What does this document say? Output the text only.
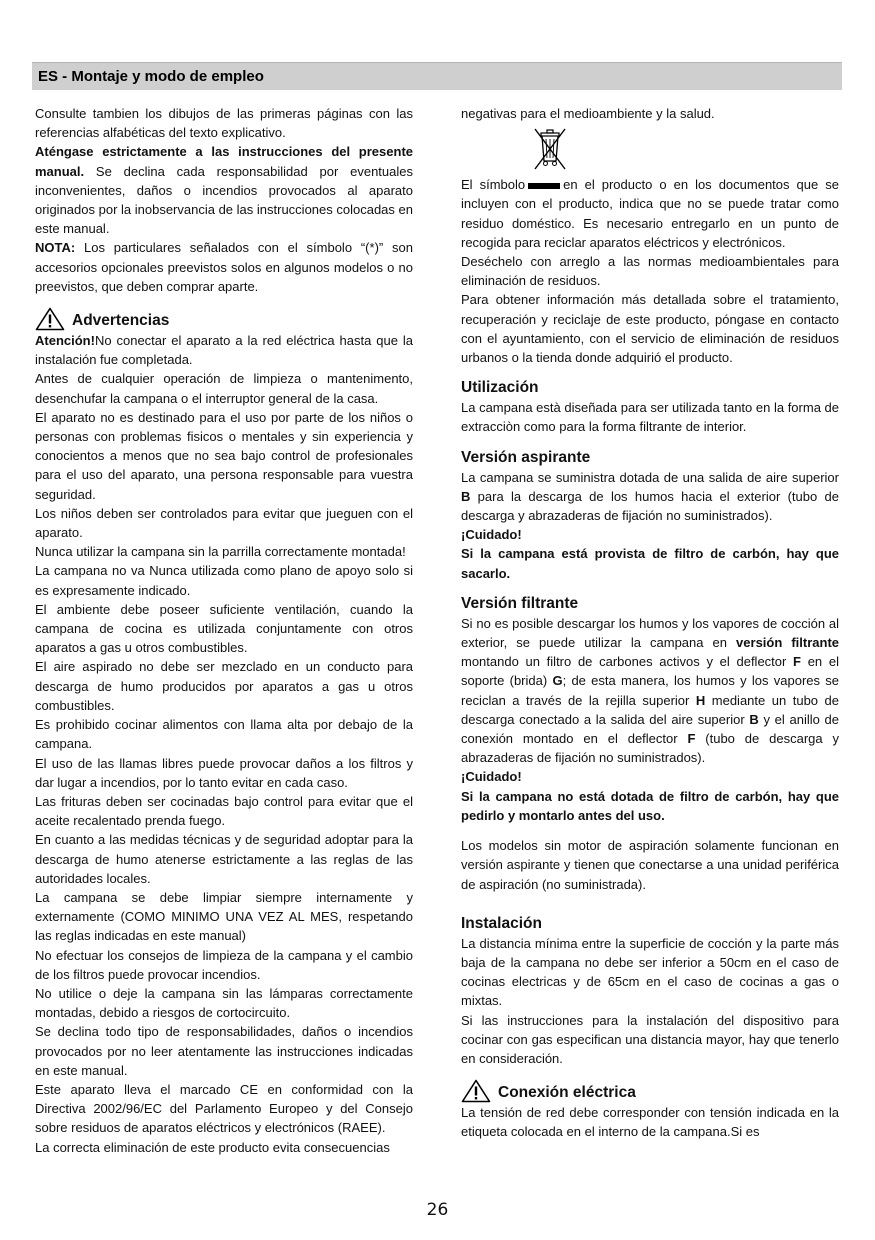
ES - Montaje y modo de empleo

Consulte tambien los dibujos de las primeras páginas con las referencias alfabéticas del texto explicativo.

Aténgase estrictamente a las instrucciones del presente manual. Se declina cada responsabilidad por eventuales inconvenientes, daños o incendios provocados al aparato originados por la inobservancia de las instrucciones colocadas en este manual.

NOTA: Los particulares señalados con el símbolo “(*)” son accesorios opcionales preevistos solos en algunos modelos o no preevistos, que deben comprar aparte.

Advertencias

Atención!No conectar el aparato a la red eléctrica hasta que la instalación fue completada.

Antes de cualquier operación de limpieza o mantenimento, desenchufar la campana o el interruptor general de la casa.

El aparato no es destinado para el uso por parte de los niños o personas con problemas fisicos o mentales y sin experiencia y conocientos a menos que no sea bajo control de profesionales para el uso del aparato, una persona responsable para vuestra seguridad.

Los niños deben ser controlados para evitar que jueguen con el aparato.

Nunca utilizar la campana sin la parrilla correctamente montada!

La campana no va Nunca utilizada como plano de apoyo solo si es expresamente indicado.

El ambiente debe poseer suficiente ventilación, cuando la campana de cocina es utilizada conjuntamente con otros aparatos a gas u otros combustibles.

El aire aspirado no debe ser mezclado en un conducto para descarga de humo producidos por aparatos a gas u otros combustibles.

Es prohibido cocinar alimentos con llama alta por debajo de la campana.

El uso de las llamas libres puede provocar daños a los filtros y dar lugar a incendios, por lo tanto evitar en cada caso.

Las frituras deben ser cocinadas bajo control para evitar que el aceite recalentado prenda fuego.

En cuanto a las medidas técnicas y de seguridad adoptar para la descarga de humo atenerse estrictamente a las reglas de las autoridades locales.

La campana se debe limpiar siempre internamente y externamente (COMO MINIMO UNA VEZ AL MES, respetando las reglas indicadas en este manual)

No efectuar los consejos de limpieza de la campana y el cambio de los filtros puede provocar incendios.

No utilice o deje la campana sin las lámparas correctamente montadas, debido a riesgos de cortocircuito.

Se declina todo tipo de responsabilidades, daños o incendios provocados por no leer atentamente las instrucciones indicadas en este manual.

Este aparato lleva el marcado CE en conformidad con la Directiva 2002/96/EC del Parlamento Europeo y del Consejo sobre residuos de aparatos eléctricos y electrónicos (RAEE).

La correcta eliminación de este producto evita consecuencias

negativas para el medioambiente y la salud.

El símbolo	en el producto o en los documentos que se incluyen con el producto, indica que no se puede tratar como residuo doméstico. Es necesario entregarlo en un punto de recogida para reciclar aparatos eléctricos y electrónicos.

Deséchelo con arreglo a las normas medioambientales para eliminación de residuos.

Para obtener información más detallada sobre el tratamiento, recuperación y reciclaje de este producto, póngase en contacto con el ayuntamiento, con el servicio de eliminación de residuos urbanos o la tienda donde adquirió el producto.

Utilización

La campana està diseñada para ser utilizada tanto en la forma de extracciòn como para la forma filtrante de interior.

Versión aspirante

La campana se suministra dotada de una salida de aire superior B para la descarga de los humos hacia el exterior (tubo de descarga y abrazaderas de fijación no suministrados).

¡Cuidado!

Si la campana está provista de filtro de carbón, hay que sacarlo.

Versión filtrante

Si no es posible descargar los humos y los vapores de cocción al exterior, se puede utilizar la campana en versión filtrante montando un filtro de carbones activos y el deflector F en el soporte (brida) G; de esta manera, los humos y los vapores se reciclan a través de la rejilla superior H mediante un tubo de descarga conectado a la salida del aire superior B y el anillo de conexión montado en el deflector F (tubo de descarga y abrazaderas de fijación no suministrados).

¡Cuidado!

Si la campana no está dotada de filtro de carbón, hay que pedirlo y montarlo antes del uso.

Los modelos sin motor de aspiración solamente funcionan en versión aspirante y tienen que conectarse a una unidad periférica de aspiración (no suministrada).

Instalación

La distancia mínima entre la superficie de cocción y la parte más baja de la campana no debe ser inferior a 50cm en el caso de cocinas electricas y de 65cm en el caso de cocinas a gas o mixtas.

Si las instrucciones para la instalación del dispositivo para cocinar con gas especifican una distancia mayor, hay que tenerlo en consideración.

Conexión eléctrica

La tensión de red debe corresponder con tensión indicada en la etiqueta colocada en el interno de la campana.Si es

26
